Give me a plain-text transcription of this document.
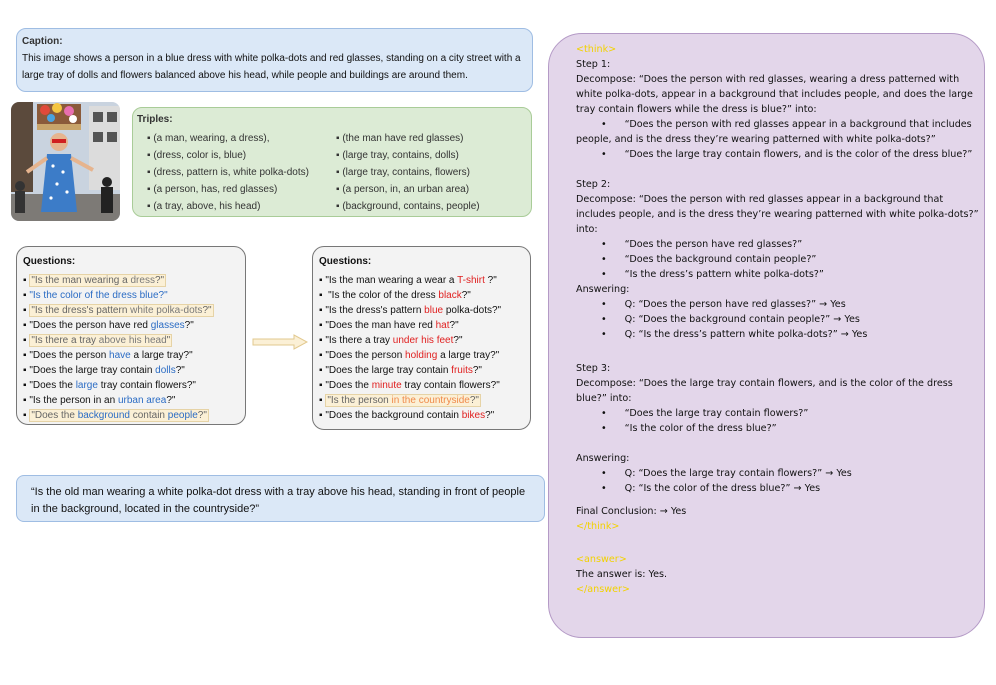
Caption:
This image shows a person in a blue dress with white polka-dots and red glasses, standing on a city street with a large tray of dolls and flowers balanced above his head, while people and buildings are around them.
Triples:
▪ (a man, wearing, a dress),
▪ (dress, color is, blue)
▪ (dress, pattern is, white polka-dots)
▪ (a person, has, red glasses)
▪ (a tray, above, his head)
▪ (the man have red glasses)
▪ (large tray, contains, dolls)
▪ (large tray, contains, flowers)
▪ (a person, in, an urban area)
▪ (background, contains, people)
Questions:
▪ "Is the man wearing a dress?"
▪ "Is the color of the dress blue?"
▪ "Is the dress's pattern white polka-dots?"
▪ "Does the person have red glasses?"
▪ "Is there a tray above his head"
▪ "Does the person have a large tray?"
▪ "Does the large tray contain dolls?"
▪ "Does the large tray contain flowers?"
▪ "Is the person in an urban area?"
▪ "Does the background contain people?"
Questions:
▪ "Is the man wearing a wear a T-shirt ?"
▪  "Is the color of the dress black?"
▪ "Is the dress's pattern blue polka-dots?"
▪ "Does the man have red hat?"
▪ "Is there a tray under his feet?"
▪ "Does the person holding a large tray?"
▪ "Does the large tray contain fruits?"
▪ "Does the minute tray contain flowers?"
▪ "Is the person in the countryside?"
▪ "Does the background contain bikes?"
“Is the old man wearing a white polka-dot dress with a tray above his head, standing in front of people in the background, located in the countryside?”
<think>
Step 1:
Decompose: “Does the person with red glasses, wearing a dress patterned with white polka-dots, appear in a background that includes people, and does the large tray contain flowers while the dress is blue?” into:
• “Does the person with red glasses appear in a background that includes people, and is the dress they’re wearing patterned with white polka-dots?”
• “Does the large tray contain flowers, and is the color of the dress blue?”
Step 2:
Decompose: “Does the person with red glasses appear in a background that includes people, and is the dress they’re wearing patterned with white polka-dots?” into:
• “Does the person have red glasses?”
• “Does the background contain people?”
• “Is the dress’s pattern white polka-dots?”
Answering:
• Q: “Does the person have red glasses?” → Yes
• Q: “Does the background contain people?” → Yes
• Q: “Is the dress’s pattern white polka-dots?” → Yes
Step 3:
Decompose: “Does the large tray contain flowers, and is the color of the dress blue?” into:
• “Does the large tray contain flowers?”
• “Is the color of the dress blue?”
Answering:
• Q: “Does the large tray contain flowers?” → Yes
• Q: “Is the color of the dress blue?” → Yes
Final Conclusion: → Yes
</think>
<answer>
The answer is: Yes.
</answer>
